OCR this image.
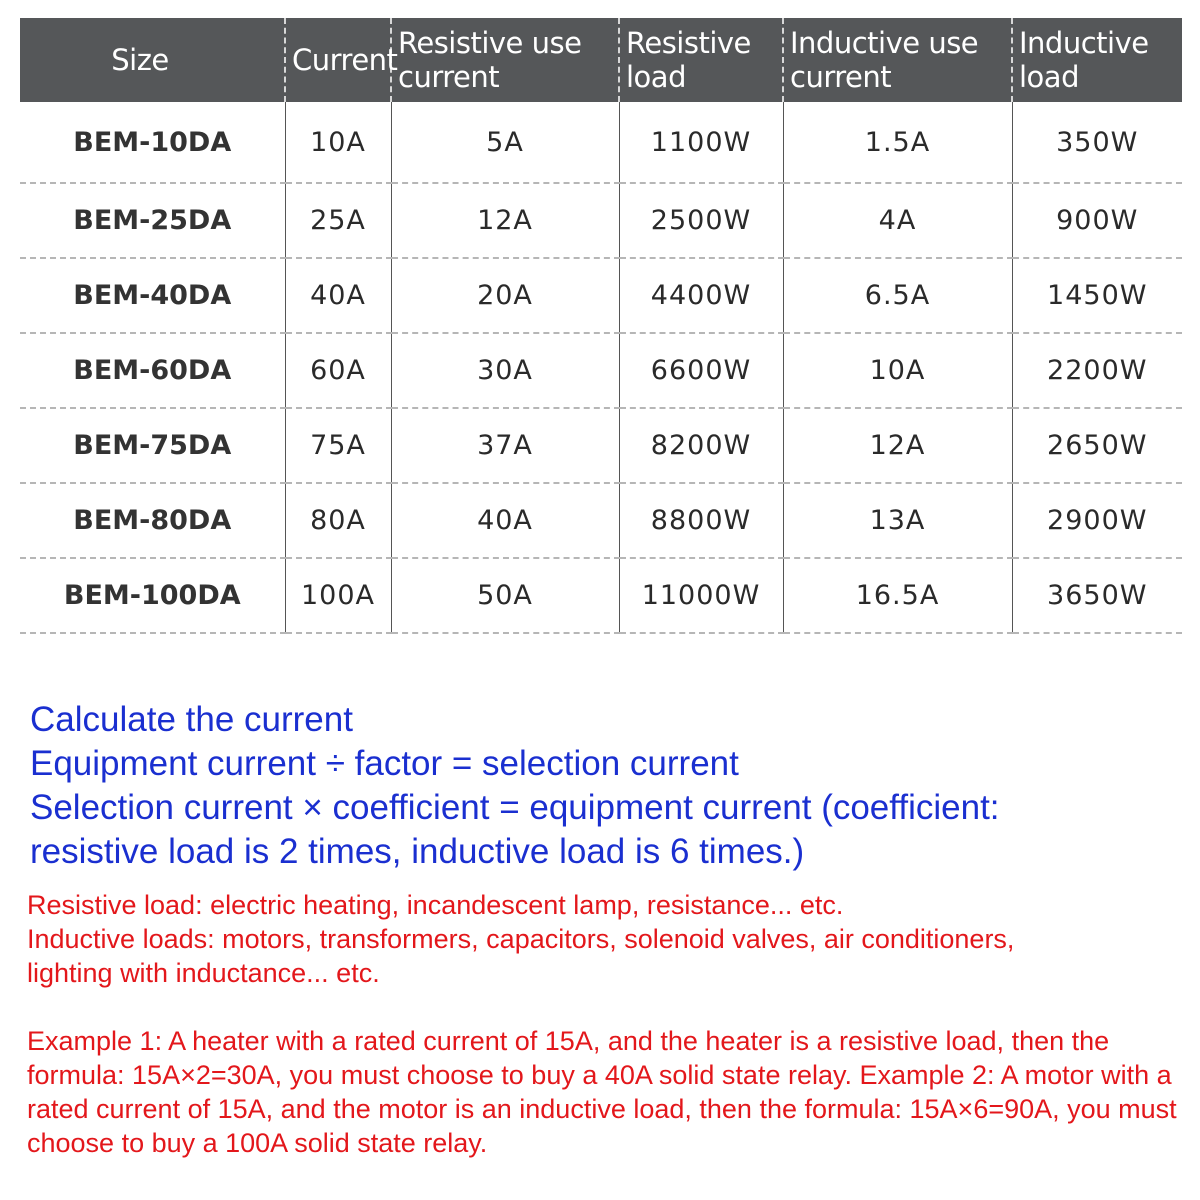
Size	Current	Resistive use current	Resistive load	Inductive use current	Inductive load
BEM-10DA	10A	5A	1100W	1.5A	350W
BEM-25DA	25A	12A	2500W	4A	900W
BEM-40DA	40A	20A	4400W	6.5A	1450W
BEM-60DA	60A	30A	6600W	10A	2200W
BEM-75DA	75A	37A	8200W	12A	2650W
BEM-80DA	80A	40A	8800W	13A	2900W
BEM-100DA	100A	50A	11000W	16.5A	3650W
Calculate the current
Equipment current ÷ factor = selection current
Selection current × coefficient = equipment current (coefficient:
resistive load is 2 times, inductive load is 6 times.)
Resistive load: electric heating, incandescent lamp, resistance... etc.
Inductive loads: motors, transformers, capacitors, solenoid valves, air conditioners,
lighting with inductance... etc.
Example 1: A heater with a rated current of 15A, and the heater is a resistive load, then the formula: 15A×2=30A, you must choose to buy a 40A solid state relay. Example 2: A motor with a rated current of 15A, and the motor is an inductive load, then the formula: 15A×6=90A, you must choose to buy a 100A solid state relay.
